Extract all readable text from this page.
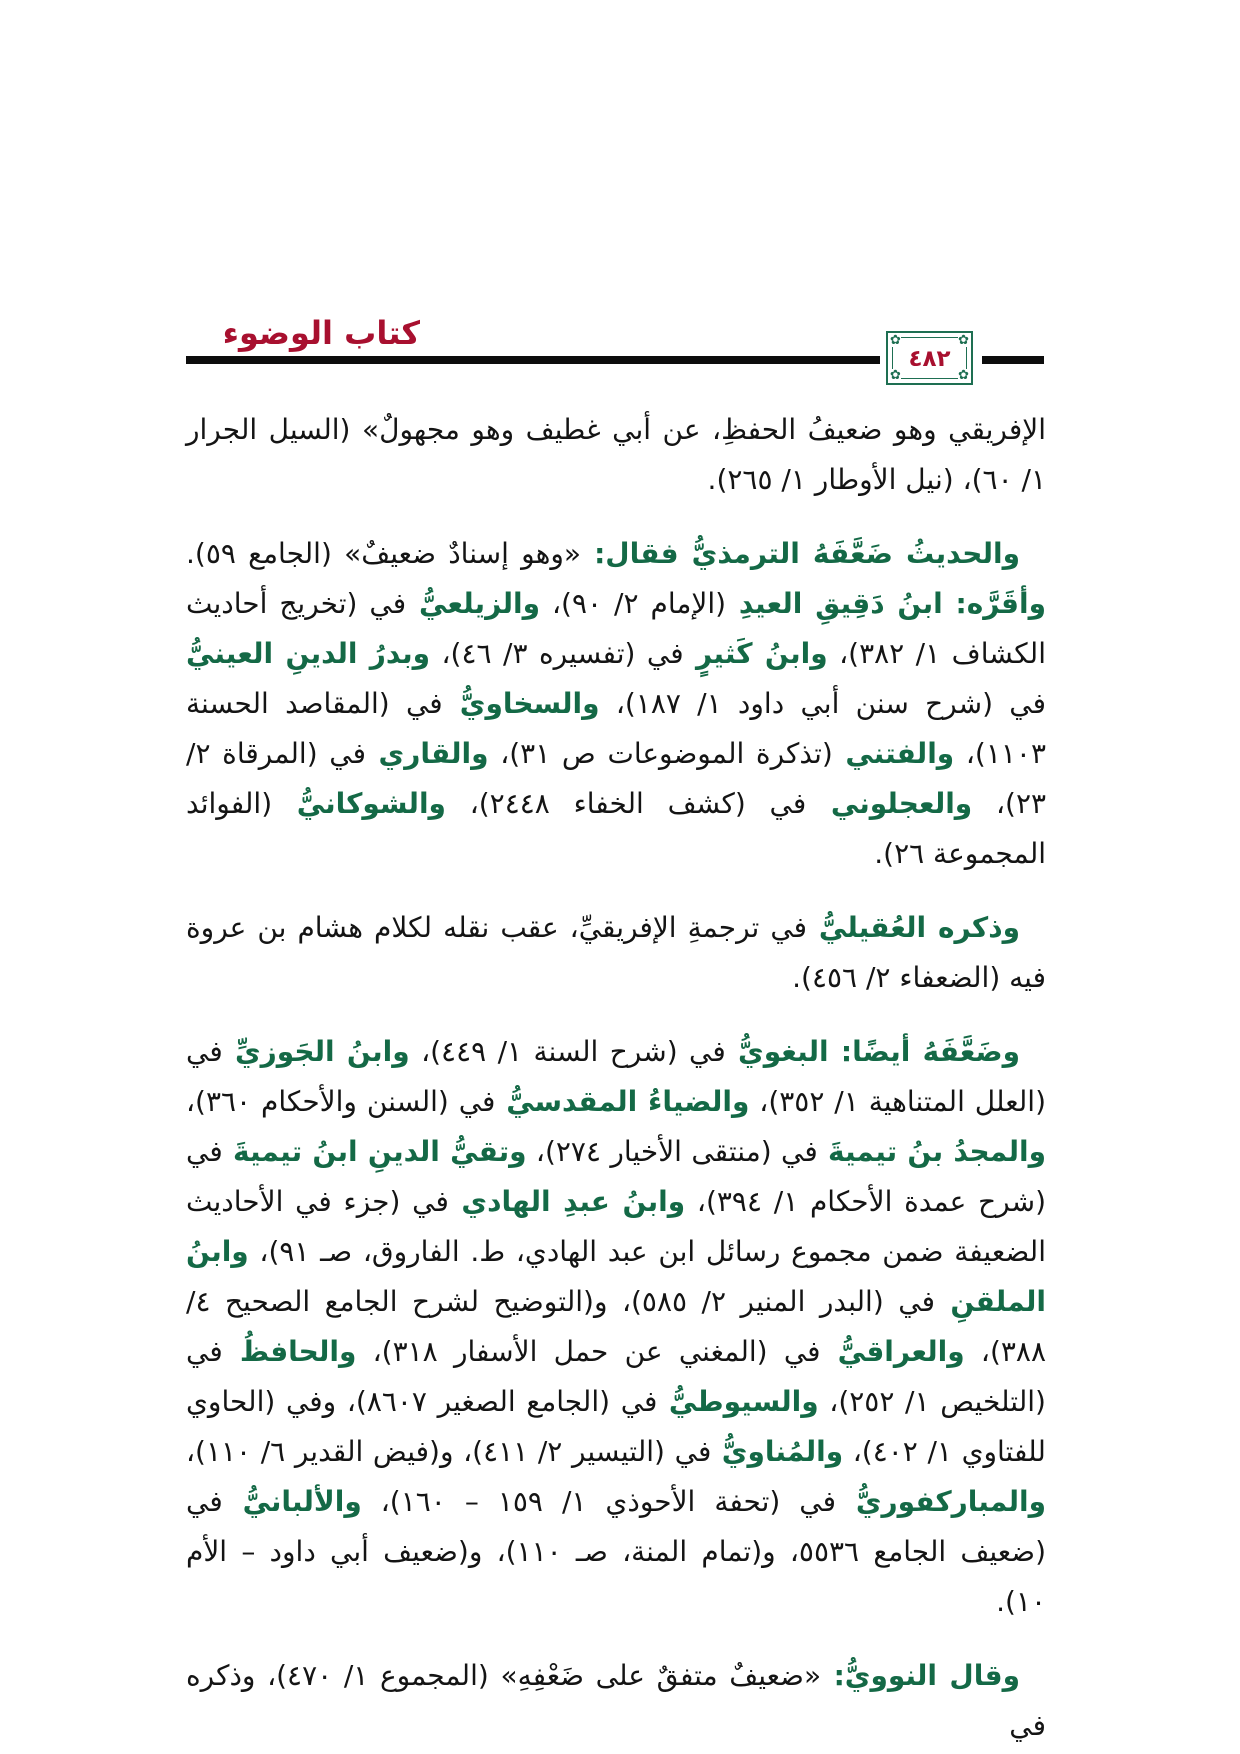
كتاب الوضوء	✿	✿
✿	✿
٤٨٢

الإفريقي وهو ضعيفُ الحفظِ، عن أبي غطيف وهو مجهولٌ» (السيل الجرار ١/ ٦٠)، (نيل الأوطار ١/ ٢٦٥).

والحديثُ ضَعَّفَهُ الترمذيُّ فقال: «وهو إسنادٌ ضعيفٌ» (الجامع ٥٩). وأقَرَّه: ابنُ دَقِيقِ العيدِ (الإمام ٢/ ٩٠)، والزيلعيُّ في (تخريج أحاديث الكشاف ١/ ٣٨٢)، وابنُ كَثيرٍ في (تفسيره ٣/ ٤٦)، وبدرُ الدينِ العينيُّ في (شرح سنن أبي داود ١/ ١٨٧)، والسخاويُّ في (المقاصد الحسنة ١١٠٣)، والفتني (تذكرة الموضوعات ص ٣١)، والقاري في (المرقاة ٢/ ٢٣)، والعجلوني في (كشف الخفاء ٢٤٤٨)، والشوكانيُّ (الفوائد المجموعة ٢٦).

وذكره العُقيليُّ في ترجمةِ الإفريقيِّ، عقب نقله لكلام هشام بن عروة فيه (الضعفاء ٢/ ٤٥٦).

وضَعَّفَهُ أيضًا: البغويُّ في (شرح السنة ١/ ٤٤٩)، وابنُ الجَوزيِّ في (العلل المتناهية ١/ ٣٥٢)، والضياءُ المقدسيُّ في (السنن والأحكام ٣٦٠)، والمجدُ بنُ تيميةَ في (منتقى الأخيار ٢٧٤)، وتقيُّ الدينِ ابنُ تيميةَ في (شرح عمدة الأحكام ١/ ٣٩٤)، وابنُ عبدِ الهادي في (جزء في الأحاديث الضعيفة ضمن مجموع رسائل ابن عبد الهادي، ط. الفاروق، صـ ٩١)، وابنُ الملقنِ في (البدر المنير ٢/ ٥٨٥)، و(التوضيح لشرح الجامع الصحيح ٤/ ٣٨٨)، والعراقيُّ في (المغني عن حمل الأسفار ٣١٨)، والحافظُ في (التلخيص ١/ ٢٥٢)، والسيوطيُّ في (الجامع الصغير ٨٦٠٧)، وفي (الحاوي للفتاوي ١/ ٤٠٢)، والمُناويُّ في (التيسير ٢/ ٤١١)، و(فيض القدير ٦/ ١١٠)، والمباركفوريُّ في (تحفة الأحوذي ١/ ١٥٩ – ١٦٠)، والألبانيُّ في (ضعيف الجامع ٥٥٣٦، و(تمام المنة، صـ ١١٠)، و(ضعيف أبي داود – الأم ١٠).

وقال النوويُّ: «ضعيفٌ متفقٌ على ضَعْفِهِ» (المجموع ١/ ٤٧٠)، وذكره في
